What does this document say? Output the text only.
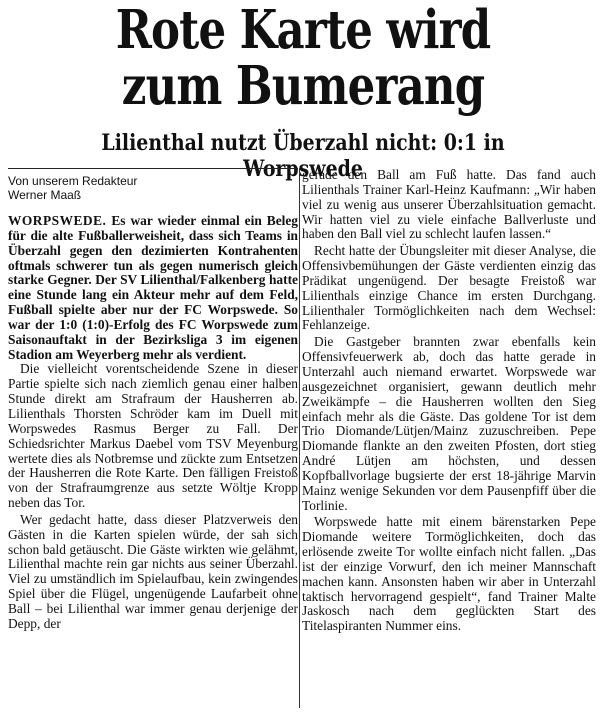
Rote Karte wird
zum Bumerang
Lilienthal nutzt Überzahl nicht: 0:1 in Worpswede
Von unserem Redakteur
Werner Maaß

WORPSWEDE. Es war wieder einmal ein Beleg für die alte Fußballerweisheit, dass sich Teams in Überzahl gegen den dezimierten Kontrahenten oftmals schwerer tun als gegen numerisch gleich starke Gegner. Der SV Lilienthal/Falkenberg hatte eine Stunde lang ein Akteur mehr auf dem Feld, Fußball spielte aber nur der FC Worpswede. So war der 1:0 (1:0)-Erfolg des FC Worpswede zum Saisonauftakt in der Bezirksliga 3 im eigenen Stadion am Weyerberg mehr als verdient.

Die vielleicht vorentscheidende Szene in dieser Partie spielte sich nach ziemlich genau einer halben Stunde direkt am Strafraum der Hausherren ab. Lilienthals Thorsten Schröder kam im Duell mit Worpswedes Rasmus Berger zu Fall. Der Schiedsrichter Markus Daebel vom TSV Meyenburg wertete dies als Notbremse und zückte zum Entsetzen der Hausherren die Rote Karte. Den fälligen Freistoß von der Strafraumgrenze aus setzte Wöltje Kropp neben das Tor.

Wer gedacht hatte, dass dieser Platzverweis den Gästen in die Karten spielen würde, der sah sich schon bald getäuscht. Die Gäste wirkten wie gelähmt, Lilienthal machte rein gar nichts aus seiner Überzahl. Viel zu umständlich im Spielaufbau, kein zwingendes Spiel über die Flügel, ungenügende Laufarbeit ohne Ball – bei Lilienthal war immer genau derjenige der Depp, der

gerade den Ball am Fuß hatte. Das fand auch Lilienthals Trainer Karl-Heinz Kaufmann: „Wir haben viel zu wenig aus unserer Überzahlsituation gemacht. Wir hatten viel zu viele einfache Ballverluste und haben den Ball viel zu schlecht laufen lassen.“

Recht hatte der Übungsleiter mit dieser Analyse, die Offensivbemühungen der Gäste verdienten einzig das Prädikat ungenügend. Der besagte Freistoß war Lilienthals einzige Chance im ersten Durchgang. Lilienthaler Tormöglichkeiten nach dem Wechsel: Fehlanzeige.

Die Gastgeber brannten zwar ebenfalls kein Offensivfeuerwerk ab, doch das hatte gerade in Unterzahl auch niemand erwartet. Worpswede war ausgezeichnet organisiert, gewann deutlich mehr Zweikämpfe – die Hausherren wollten den Sieg einfach mehr als die Gäste. Das goldene Tor ist dem Trio Diomande/Lütjen/Mainz zuzuschreiben. Pepe Diomande flankte an den zweiten Pfosten, dort stieg André Lütjen am höchsten, und dessen Kopfballvorlage bugsierte der erst 18-jährige Marvin Mainz wenige Sekunden vor dem Pausenpfiff über die Torlinie.

Worpswede hatte mit einem bärenstarken Pepe Diomande weitere Tormöglichkeiten, doch das erlösende zweite Tor wollte einfach nicht fallen. „Das ist der einzige Vorwurf, den ich meiner Mannschaft machen kann. Ansonsten haben wir aber in Unterzahl taktisch hervorragend gespielt“, fand Trainer Malte Jaskosch nach dem geglückten Start des Titelaspiranten Nummer eins.
